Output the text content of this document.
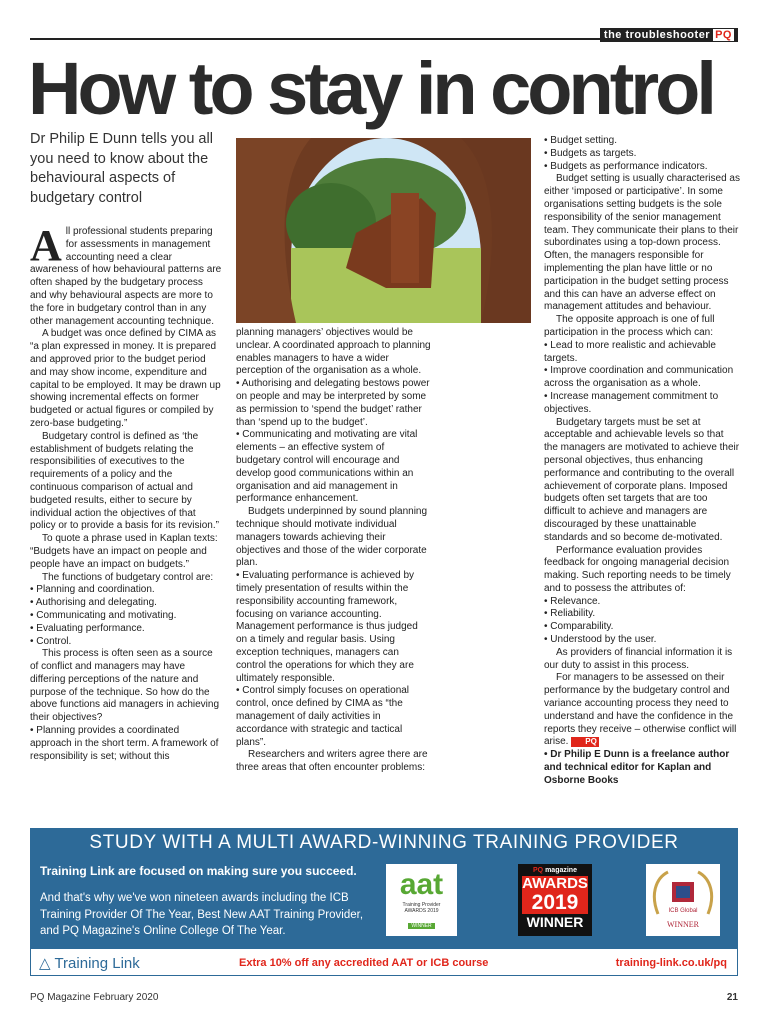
the troubleshooter PQ
How to stay in control

Dr Philip E Dunn tells you all you need to know about the behavioural aspects of budgetary control

All professional students preparing for assessments in management accounting need a clear awareness of how behavioural patterns are often shaped by the budgetary process and why behavioural aspects are more to the fore in budgetary control than in any other management accounting technique.

A budget was once defined by CIMA as “a plan expressed in money. It is prepared and approved prior to the budget period and may show income, expenditure and capital to be employed. It may be drawn up showing incremental effects on former budgeted or actual figures or compiled by zero-base budgeting.”

Budgetary control is defined as ‘the establishment of budgets relating the responsibilities of executives to the requirements of a policy and the continuous comparison of actual and budgeted results, either to secure by individual action the objectives of that policy or to provide a basis for its revision.”

To quote a phrase used in Kaplan texts: “Budgets have an impact on people and people have an impact on budgets.”

The functions of budgetary control are:

• Planning and coordination.

• Authorising and delegating.

• Communicating and motivating.

• Evaluating performance.

• Control.

This process is often seen as a source of conflict and managers may have differing perceptions of the nature and purpose of the technique. So how do the above functions aid managers in achieving their objectives?

• Planning provides a coordinated approach in the short term. A framework of responsibility is set; without this

planning managers’ objectives would be unclear. A coordinated approach to planning enables managers to have a wider perception of the organisation as a whole.

• Authorising and delegating bestows power on people and may be interpreted by some as permission to ‘spend the budget’ rather than ‘spend up to the budget’.

• Communicating and motivating are vital elements – an effective system of budgetary control will encourage and develop good communications within an organisation and aid management in performance enhancement.

Budgets underpinned by sound planning technique should motivate individual managers towards achieving their objectives and those of the wider corporate plan.

• Evaluating performance is achieved by timely presentation of results within the responsibility accounting framework, focusing on variance accounting. Management performance is thus judged on a timely and regular basis. Using exception techniques, managers can control the operations for which they are ultimately responsible.

• Control simply focuses on operational control, once defined by CIMA as “the management of daily activities in accordance with strategic and tactical plans”.

Researchers and writers agree there are three areas that often encounter problems:

• Budget setting.

• Budgets as targets.

• Budgets as performance indicators.

Budget setting is usually characterised as either ‘imposed or participative’. In some organisations setting budgets is the sole responsibility of the senior management team. They communicate their plans to their subordinates using a top-down process. Often, the managers responsible for implementing the plan have little or no participation in the budget setting process and this can have an adverse effect on management attitudes and behaviour.

The opposite approach is one of full participation in the process which can:

• Lead to more realistic and achievable targets.

• Improve coordination and communication across the organisation as a whole.

• Increase management commitment to objectives.

Budgetary targets must be set at acceptable and achievable levels so that the managers are motivated to achieve their personal objectives, thus enhancing performance and contributing to the overall achievement of corporate plans. Imposed budgets often set targets that are too difficult to achieve and managers are discouraged by these unattainable standards and so become de-motivated.

Performance evaluation provides feedback for ongoing managerial decision making. Such reporting needs to be timely and to possess the attributes of:

• Relevance.

• Reliability.

• Comparability.

• Understood by the user.

As providers of financial information it is our duty to assist in this process.

For managers to be assessed on their performance by the budgetary control and variance accounting process they need to understand and have the confidence in the reports they receive – otherwise conflict will arise. PQ

• Dr Philip E Dunn is a freelance author and technical editor for Kaplan and Osborne Books

STUDY WITH A MULTI AWARD-WINNING TRAINING PROVIDER
Training Link are focused on making sure you succeed.
And that's why we've won nineteen awards including the ICB Training Provider Of The Year, Best New AAT Training Provider, and PQ Magazine's Online College Of The Year.
aat
Training Provider
AWARDS 2019
WINNER
PQ magazine
AWARDS
2019
WINNER
ICB Global
WINNER
△ Training Link	Extra 10% off any accredited AAT or ICB course	training-link.co.uk/pq
PQ Magazine February 2020	21
